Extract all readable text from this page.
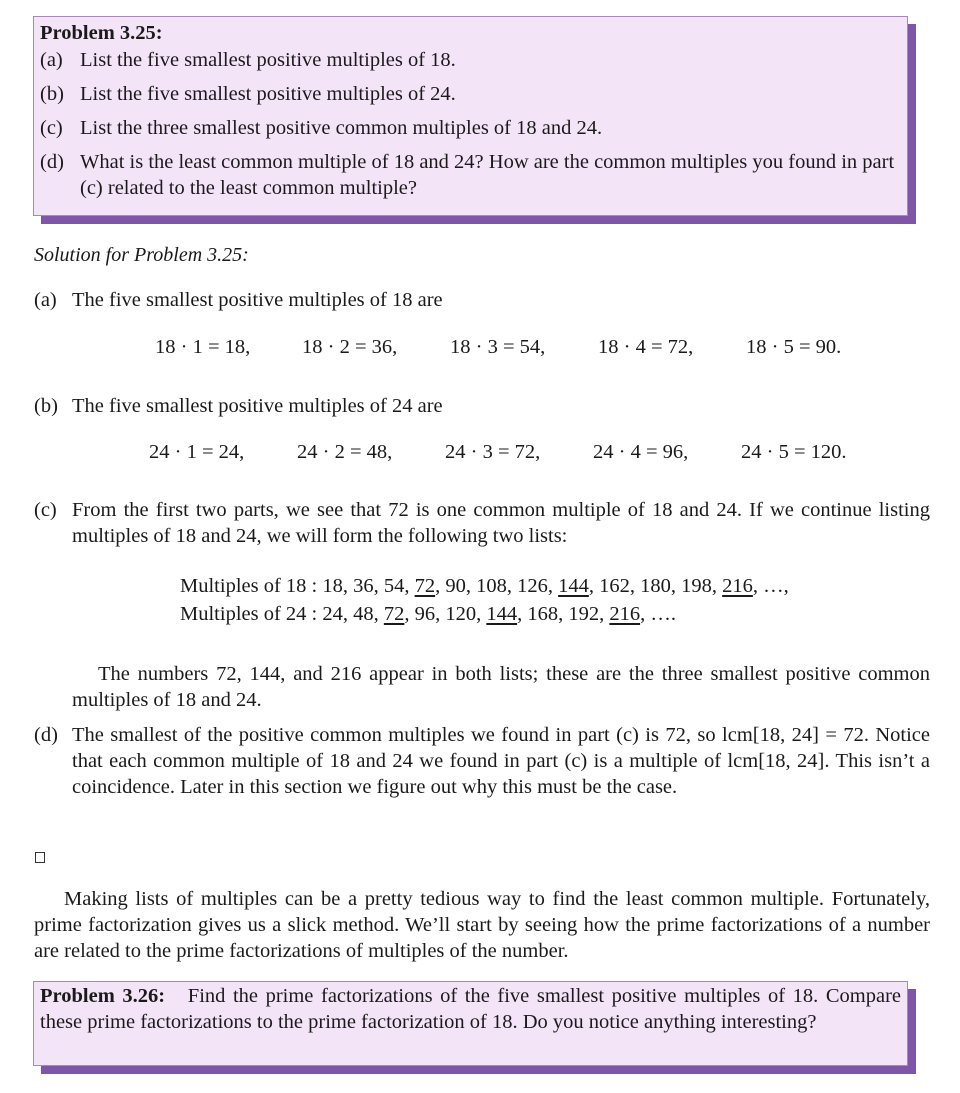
Problem 3.25:
(a) List the five smallest positive multiples of 18.
(b) List the five smallest positive multiples of 24.
(c) List the three smallest positive common multiples of 18 and 24.
(d) What is the least common multiple of 18 and 24? How are the common multiples you found in part (c) related to the least common multiple?
Solution for Problem 3.25:
(a) The five smallest positive multiples of 18 are
18 · 1 = 18,	18 · 2 = 36,	18 · 3 = 54,	18 · 4 = 72,	18 · 5 = 90.
(b) The five smallest positive multiples of 24 are
24 · 1 = 24,	24 · 2 = 48,	24 · 3 = 72,	24 · 4 = 96,	24 · 5 = 120.
(c) From the first two parts, we see that 72 is one common multiple of 18 and 24. If we continue listing multiples of 18 and 24, we will form the following two lists:
Multiples of 18 : 18, 36, 54, 72, 90, 108, 126, 144, 162, 180, 198, 216, …,
Multiples of 24 : 24, 48, 72, 96, 120, 144, 168, 192, 216, ….
The numbers 72, 144, and 216 appear in both lists; these are the three smallest positive common multiples of 18 and 24.
(d) The smallest of the positive common multiples we found in part (c) is 72, so lcm[18, 24] = 72. Notice that each common multiple of 18 and 24 we found in part (c) is a multiple of lcm[18, 24]. This isn’t a coincidence. Later in this section we figure out why this must be the case.
Making lists of multiples can be a pretty tedious way to find the least common multiple. Fortunately, prime factorization gives us a slick method. We’ll start by seeing how the prime factorizations of a number are related to the prime factorizations of multiples of the number.
Problem 3.26: Find the prime factorizations of the five smallest positive multiples of 18. Compare these prime factorizations to the prime factorization of 18. Do you notice anything interesting?
